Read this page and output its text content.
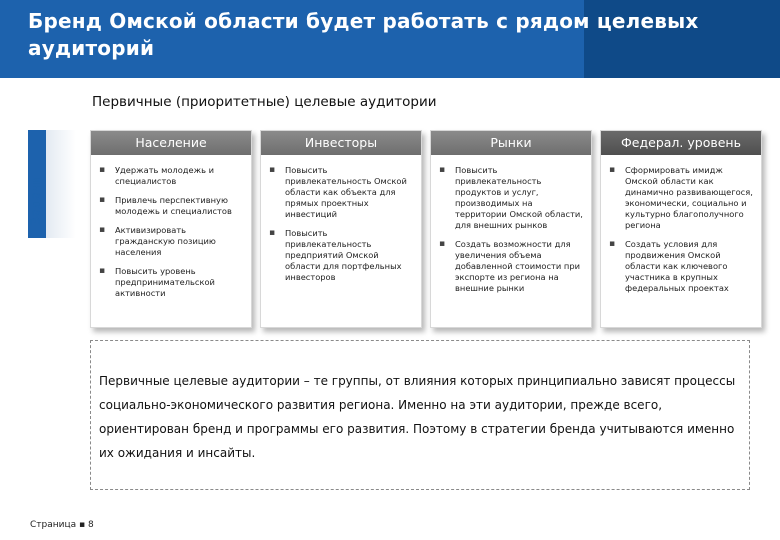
Бренд Омской области будет работать с рядом целевых аудиторий
Первичные (приоритетные) целевые аудитории
Задачи
Население
▪ Удержать молодежь и специалистов
▪ Привлечь перспективную молодежь и специалистов
▪ Активизировать гражданскую позицию населения
▪ Повысить уровень предпринимательской активности
Инвесторы
▪ Повысить привлекательность Омской области как объекта для прямых проектных инвестиций
▪ Повысить привлекательность предприятий Омской области для портфельных инвесторов
Рынки
▪ Повысить привлекательность продуктов и услуг, производимых на территории Омской области, для внешних рынков
▪ Создать возможности для увеличения объема добавленной стоимости при экспорте из региона на внешние рынки
Федерал. уровень
▪ Сформировать имидж Омской области как динамично развивающегося, экономически, социально и культурно благополучного региона
▪ Создать условия для продвижения Омской области как ключевого участника в крупных федеральных проектах

Первичные целевые аудитории – те группы, от влияния которых принципиально зависят процессы социально-экономического развития региона. Именно на эти аудитории, прежде всего, ориентирован бренд и программы его развития. Поэтому в стратегии бренда учитываются именно их ожидания и инсайты.

Страница ▪ 8
